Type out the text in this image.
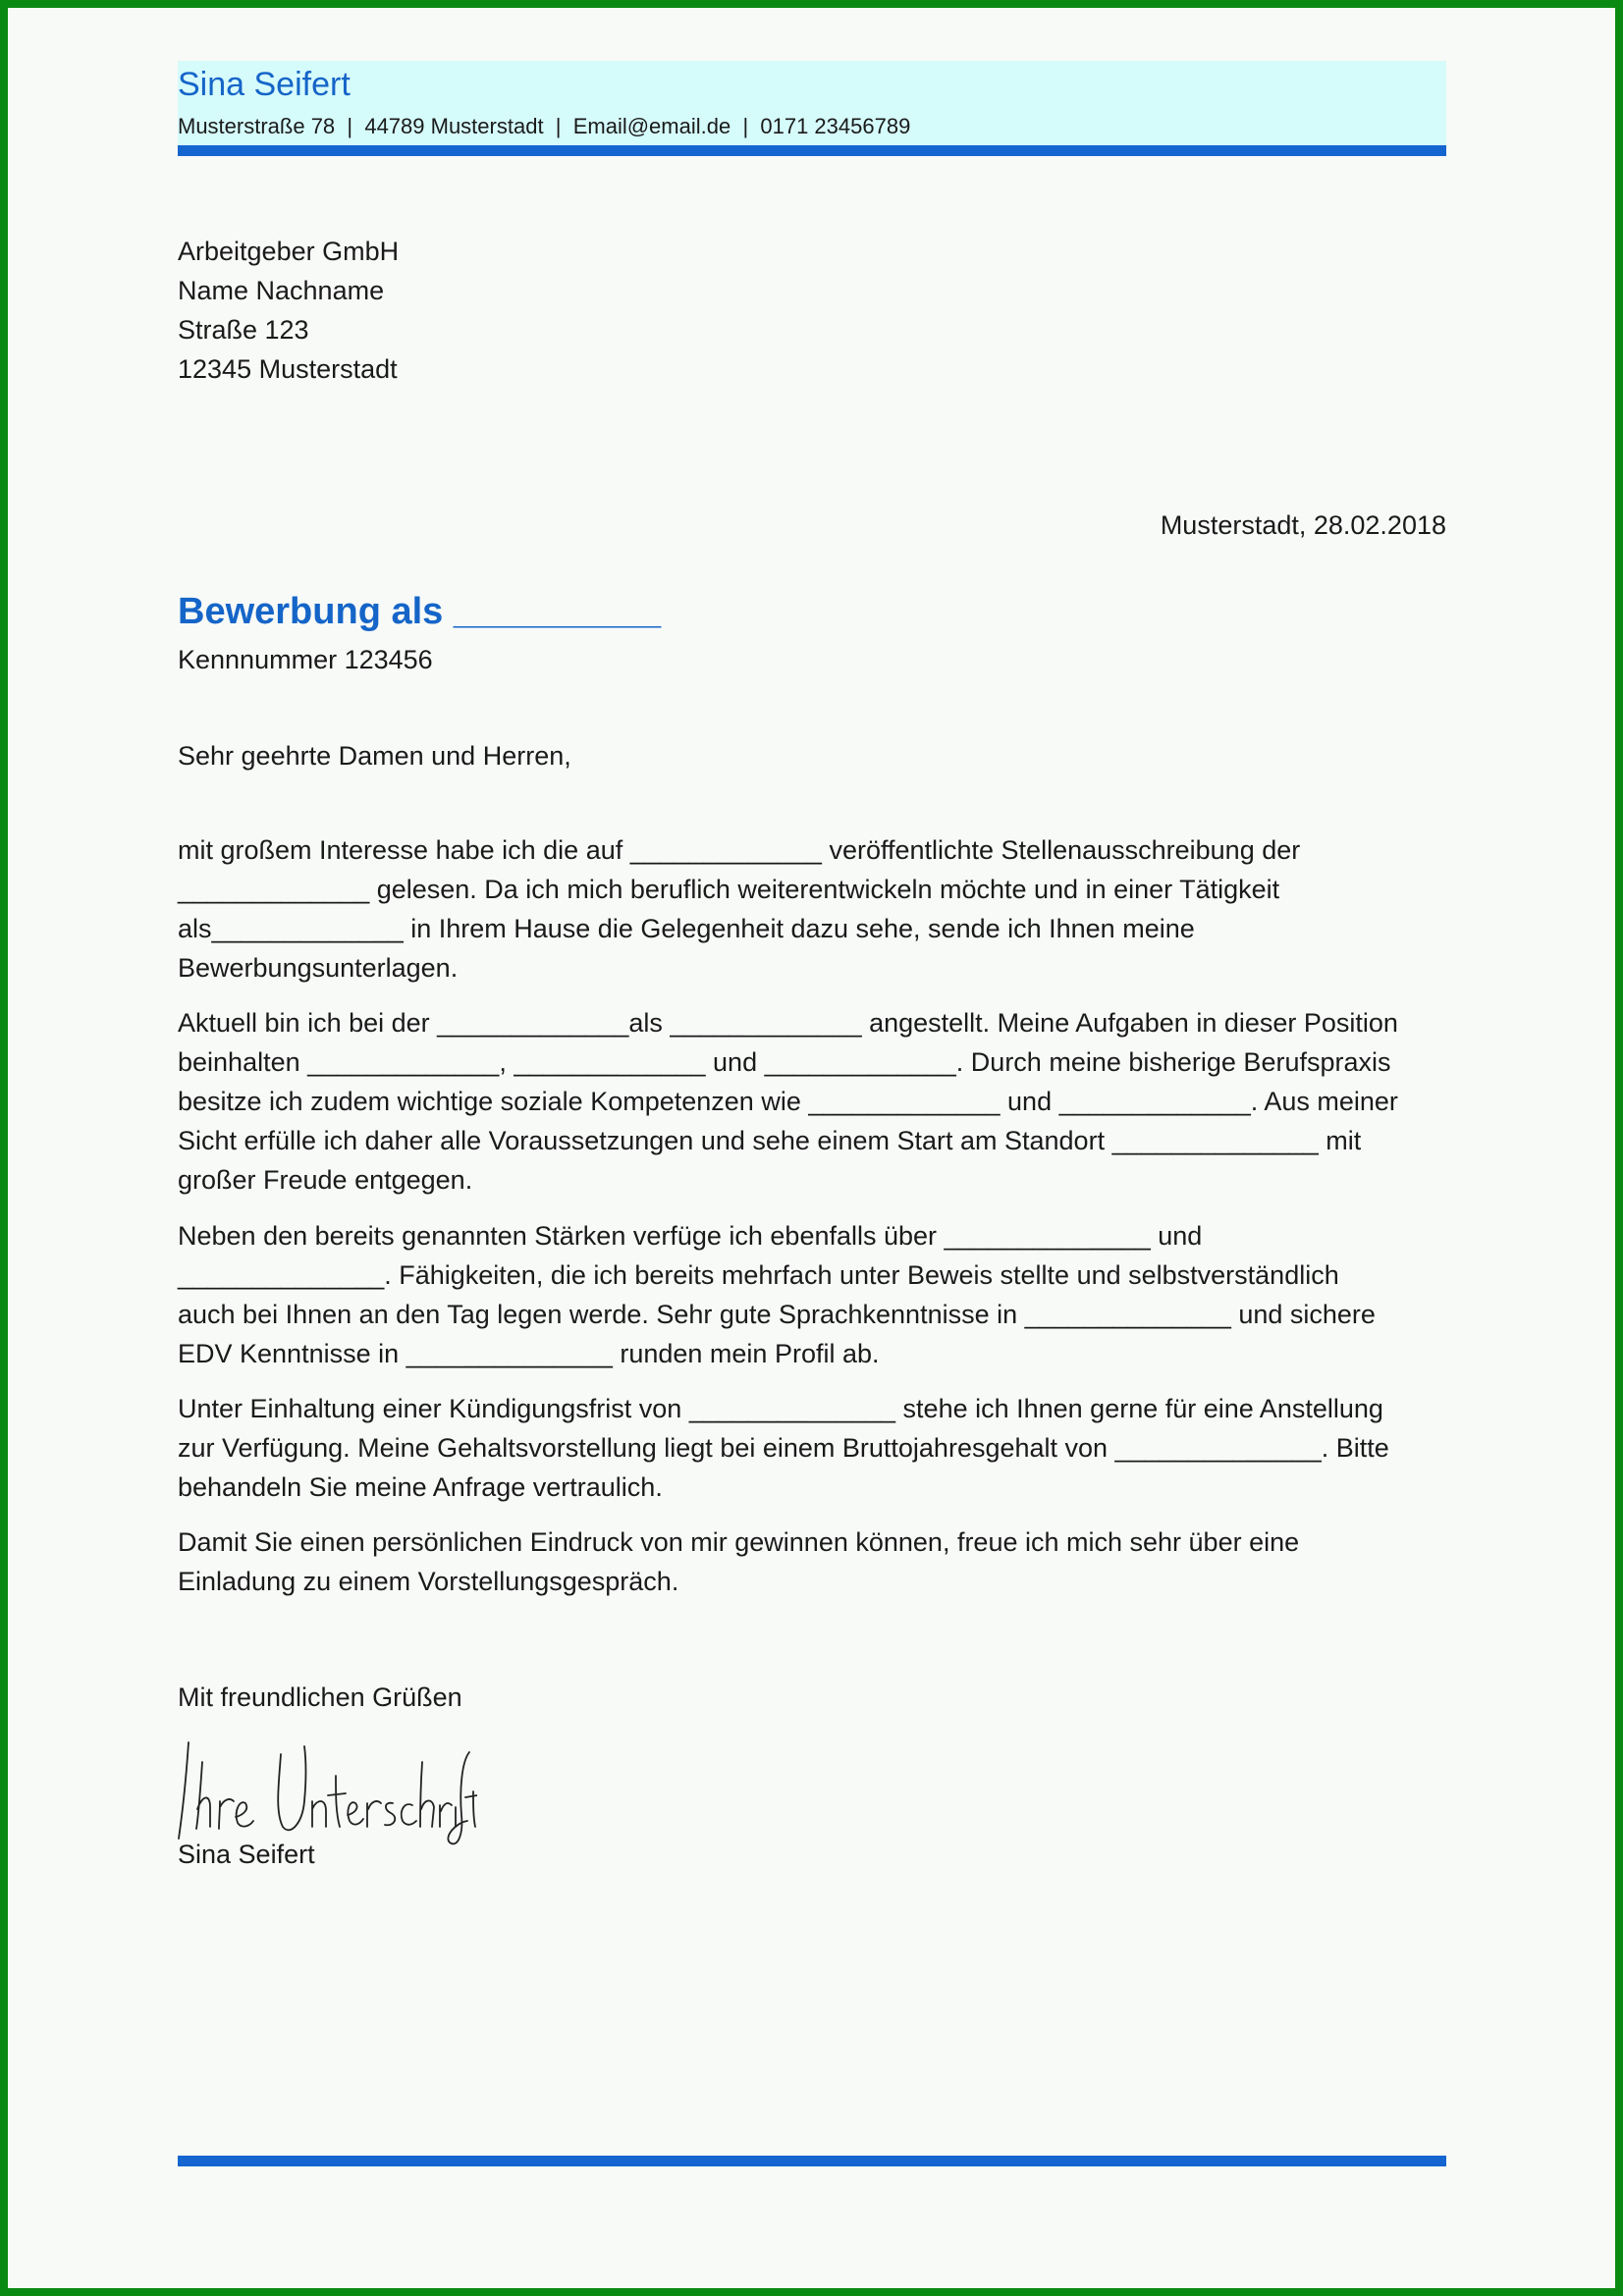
Sina Seifert
Musterstraße 78  |  44789 Musterstadt  |  Email@email.de  |  0171 23456789
Arbeitgeber GmbH
Name Nachname
Straße 123
12345 Musterstadt
Musterstadt, 28.02.2018
Bewerbung als __________
Kennnummer 123456
Sehr geehrte Damen und Herren,
mit großem Interesse habe ich die auf _____________ veröffentlichte Stellenausschreibung der
_____________ gelesen. Da ich mich beruflich weiterentwickeln möchte und in einer Tätigkeit
als_____________ in Ihrem Hause die Gelegenheit dazu sehe, sende ich Ihnen meine
Bewerbungsunterlagen.
Aktuell bin ich bei der _____________als _____________ angestellt. Meine Aufgaben in dieser Position
beinhalten _____________, _____________ und _____________. Durch meine bisherige Berufspraxis
besitze ich zudem wichtige soziale Kompetenzen wie _____________ und _____________. Aus meiner
Sicht erfülle ich daher alle Voraussetzungen und sehe einem Start am Standort ______________ mit
großer Freude entgegen.
Neben den bereits genannten Stärken verfüge ich ebenfalls über ______________ und
______________. Fähigkeiten, die ich bereits mehrfach unter Beweis stellte und selbstverständlich
auch bei Ihnen an den Tag legen werde. Sehr gute Sprachkenntnisse in ______________ und sichere
EDV Kenntnisse in ______________ runden mein Profil ab.
Unter Einhaltung einer Kündigungsfrist von ______________ stehe ich Ihnen gerne für eine Anstellung
zur Verfügung. Meine Gehaltsvorstellung liegt bei einem Bruttojahresgehalt von ______________. Bitte
behandeln Sie meine Anfrage vertraulich.
Damit Sie einen persönlichen Eindruck von mir gewinnen können, freue ich mich sehr über eine
Einladung zu einem Vorstellungsgespräch.
Mit freundlichen Grüßen
Sina Seifert
